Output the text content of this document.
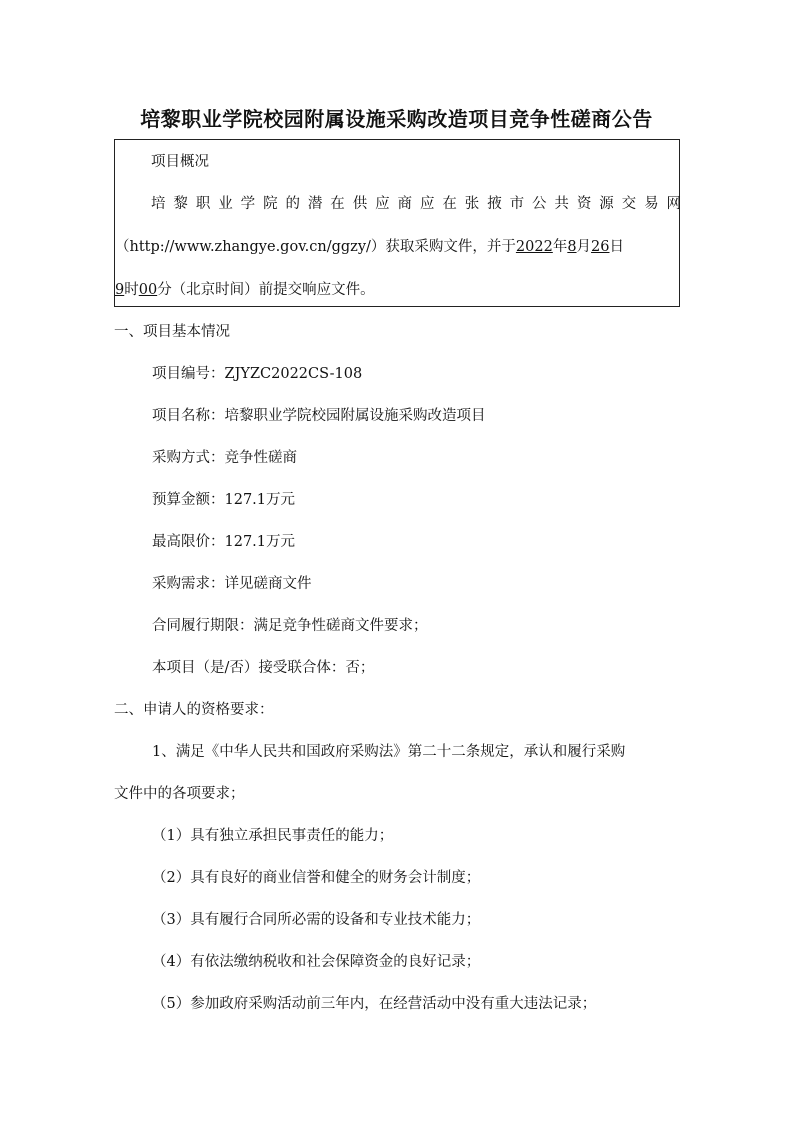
培黎职业学院校园附属设施采购改造项目竞争性磋商公告
项目概况
培黎职业学院的潜在供应商应在张掖市公共资源交易网
（http://www.zhangye.gov.cn/ggzy/）获取采购文件，并于2022年8月26日
9时00分（北京时间）前提交响应文件。
一、项目基本情况
项目编号：ZJYZC2022CS-108
项目名称：培黎职业学院校园附属设施采购改造项目
采购方式：竞争性磋商
预算金额：127.1万元
最高限价：127.1万元
采购需求：详见磋商文件
合同履行期限：满足竞争性磋商文件要求；
本项目（是/否）接受联合体：否；
二、申请人的资格要求：
1、满足《中华人民共和国政府采购法》第二十二条规定，承认和履行采购
文件中的各项要求；
（1）具有独立承担民事责任的能力；
（2）具有良好的商业信誉和健全的财务会计制度；
（3）具有履行合同所必需的设备和专业技术能力；
（4）有依法缴纳税收和社会保障资金的良好记录；
（5）参加政府采购活动前三年内，在经营活动中没有重大违法记录；
